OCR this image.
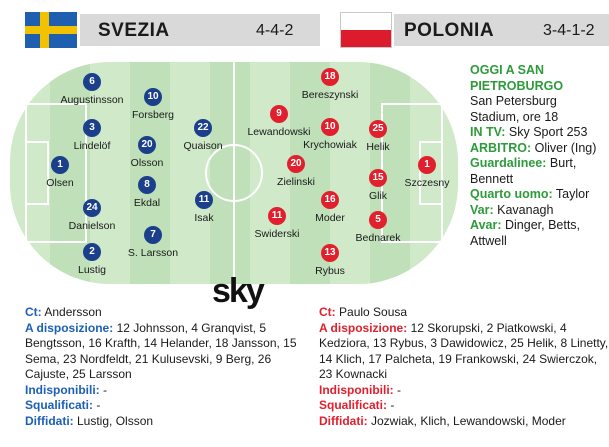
SVEZIA	4-4-2	POLONIA	3-4-1-2
1
Olsen
6
Augustinsson
3
Lindelöf
24
Danielson
2
Lustig
10
Forsberg
20
Olsson
8
Ekdal
7
S. Larsson
22
Quaison
11
Isak
1
Szczesny
25
Helik
15
Glik
5
Bednarek
18
Bereszynski
10
Krychowiak
16
Moder
13
Rybus
20
Zielinski
9
Lewandowski
11
Swiderski
sky
OGGI A SAN PIETROBURGO
San Petersburg Stadium, ore 18
IN TV: Sky Sport 253
ARBITRO: Oliver (Ing)
Guardalinee: Burt, Bennett
Quarto uomo: Taylor
Var: Kavanagh
Avar: Dinger, Betts, Attwell
Ct: Andersson
A disposizione: 12 Johnsson, 4 Granqvist, 5 Bengtsson, 16 Krafth, 14 Helander, 18 Jansson, 15 Sema, 23 Nordfeldt, 21 Kulusevski, 9 Berg, 26 Cajuste, 25 Larsson
Indisponibili: -
Squalificati: -
Diffidati: Lustig, Olsson
Ct: Paulo Sousa
A disposizione: 12 Skorupski, 2 Piatkowski, 4 Kedziora, 13 Rybus, 3 Dawidowicz, 25 Helik, 8 Linetty, 14 Klich, 17 Palcheta, 19 Frankowski, 24 Swierczok, 23 Kownacki
Indisponibili: -
Squalificati: -
Diffidati: Jozwiak, Klich, Lewandowski, Moder
